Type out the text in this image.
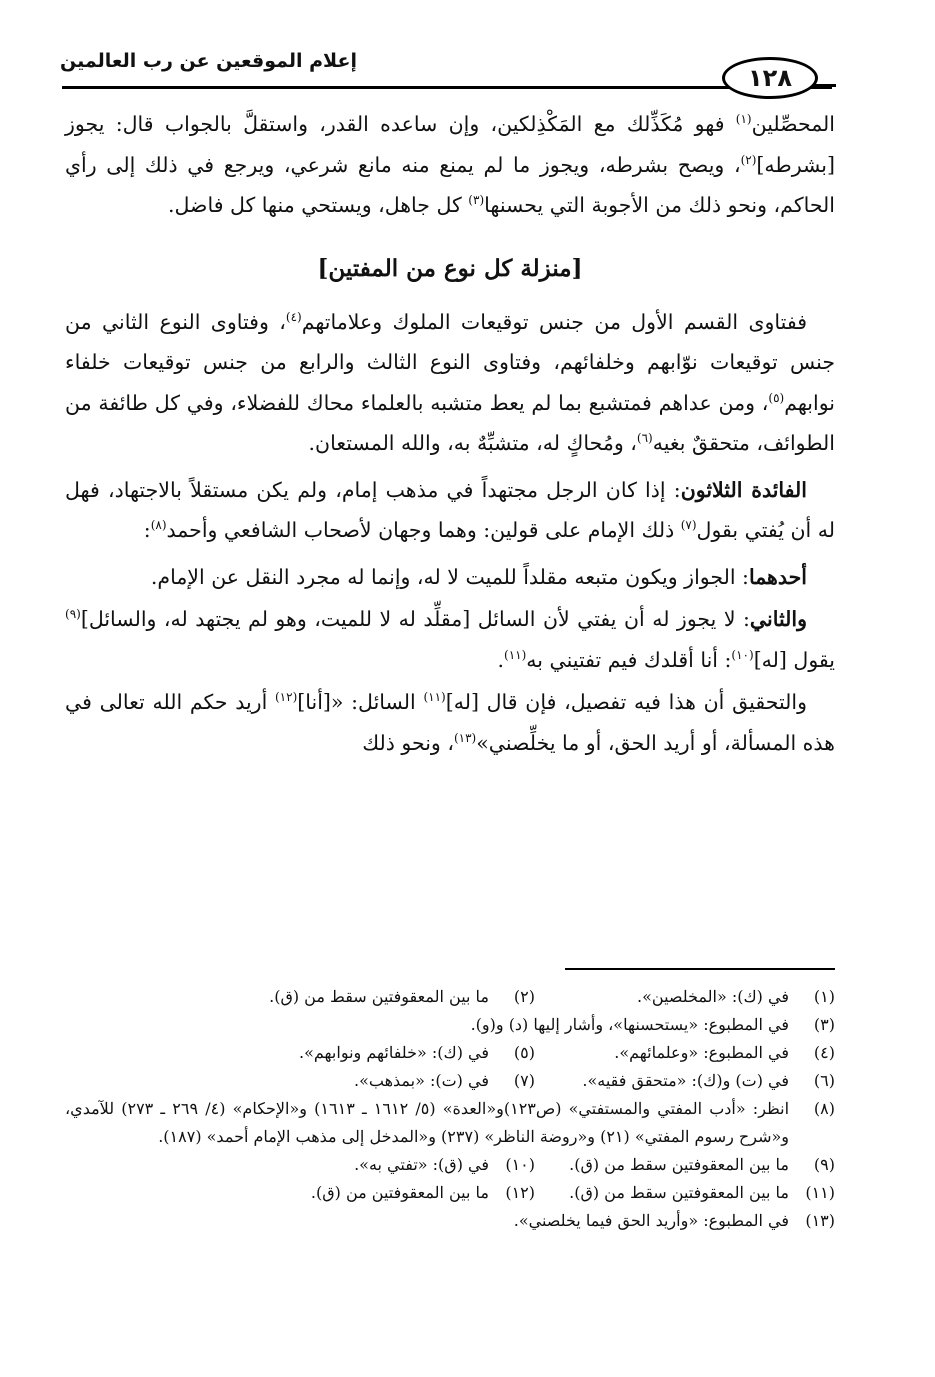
إعلام الموقعين عن رب العالمين
١٢٨

المحصِّلين$^{(١)}$ فهو مُكَذِّلك مع المَكْذِلكين، وإن ساعده القدر، واستقلَّ بالجواب قال: يجوز [بشرطه]$^{(٢)}$، ويصح بشرطه، ويجوز ما لم يمنع منه مانع شرعي، ويرجع في ذلك إلى رأي الحاكم، ونحو ذلك من الأجوبة التي يحسنها$^{(٣)}$ كل جاهل، ويستحي منها كل فاضل.

[منزلة كل نوع من المفتين]

ففتاوى القسم الأول من جنس توقيعات الملوك وعلاماتهم$^{(٤)}$، وفتاوى النوع الثاني من جنس توقيعات نوّابهم وخلفائهم، وفتاوى النوع الثالث والرابع من جنس توقيعات خلفاء نوابهم$^{(٥)}$، ومن عداهم فمتشبع بما لم يعط متشبه بالعلماء محاك للفضلاء، وفي كل طائفة من الطوائف، متحققٌ بغيه$^{(٦)}$، ومُحاكٍ له، متشبِّهٌ به، والله المستعان.

الفائدة الثلاثون: إذا كان الرجل مجتهداً في مذهب إمام، ولم يكن مستقلاً بالاجتهاد، فهل له أن يُفتي بقول$^{(٧)}$ ذلك الإمام على قولين: وهما وجهان لأصحاب الشافعي وأحمد$^{(٨)}$:

أحدهما: الجواز ويكون متبعه مقلداً للميت لا له، وإنما له مجرد النقل عن الإمام.

والثاني: لا يجوز له أن يفتي لأن السائل [مقلِّد له لا للميت، وهو لم يجتهد له، والسائل]$^{(٩)}$ يقول [له]$^{(١٠)}$: أنا أقلدك فيم تفتيني به$^{(١١)}$.

والتحقيق أن هذا فيه تفصيل، فإن قال [له]$^{(١١)}$ السائل: «[أنا]$^{(١٢)}$ أريد حكم الله تعالى في هذه المسألة، أو أريد الحق، أو ما يخلِّصني»$^{(١٣)}$، ونحو ذلك

(١)
في (ك): «المخلصين».
(٢)
ما بين المعقوفتين سقط من (ق).
(٣)
في المطبوع: «يستحسنها»، وأشار إليها (د) و(و).
(٤)
في المطبوع: «وعلمائهم».
(٥)
في (ك): «خلفائهم ونوابهم».
(٦)
في (ت) و(ك): «متحقق فقيه».
(٧)
في (ت): «بمذهب».
(٨)
انظر: «أدب المفتي والمستفتي» (ص١٢٣)و«العدة» (٥/ ١٦١٢ ـ ١٦١٣) و«الإحكام» (٤/ ٢٦٩ ـ ٢٧٣) للآمدي، و«شرح رسوم المفتي» (٢١) و«روضة الناظر» (٢٣٧) و«المدخل إلى مذهب الإمام أحمد» (١٨٧).
(٩)
ما بين المعقوفتين سقط من (ق).
(١٠)
في (ق): «تفتي به».
(١١)
ما بين المعقوفتين سقط من (ق).
(١٢)
ما بين المعقوفتين من (ق).
(١٣)
في المطبوع: «وأريد الحق فيما يخلصني».
